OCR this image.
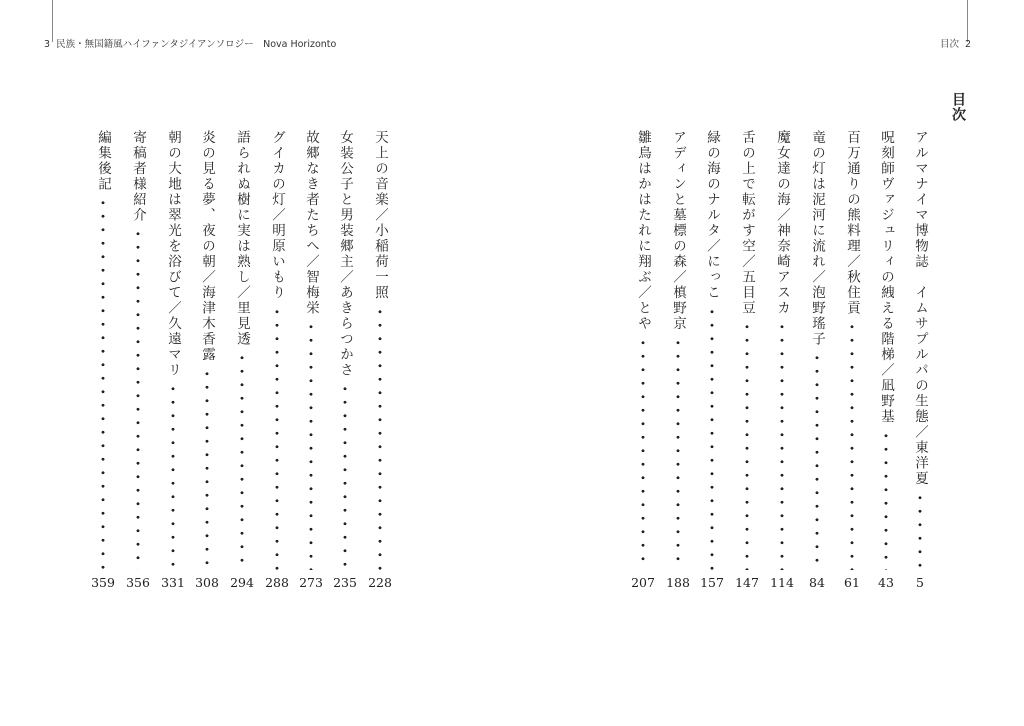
3 民族・無国籍風ハイファンタジイアンソロジー　Nova Horizonto	目次 2
目次
アルマナイマ博物誌　イムサプルパの生態／東洋夏
5
呪刻師ヴァジュリィの絏える階梯／凪野基
43
百万通りの熊料理／秋住貢
61
竜の灯は泥河に流れ／泡野瑤子
84
魔女達の海／神奈崎アスカ
114
舌の上で転がす空／五目豆
147
緑の海のナルタ／にっこ
157
アディンと墓標の森／槙野京
188
雛鳥はかはたれに翔ぶ／とや
207
天上の音楽／小稲荷一照
228
女装公子と男装郷主／あきらつかさ
235
故郷なき者たちへ／智梅栄
273
グイカの灯／明原いもり
288
語られぬ樹に実は熟し／里見透
294
炎の見る夢、夜の朝／海津木香露
308
朝の大地は翠光を浴びて／久遠マリ
331
寄稿者様紹介
356
編集後記
359
